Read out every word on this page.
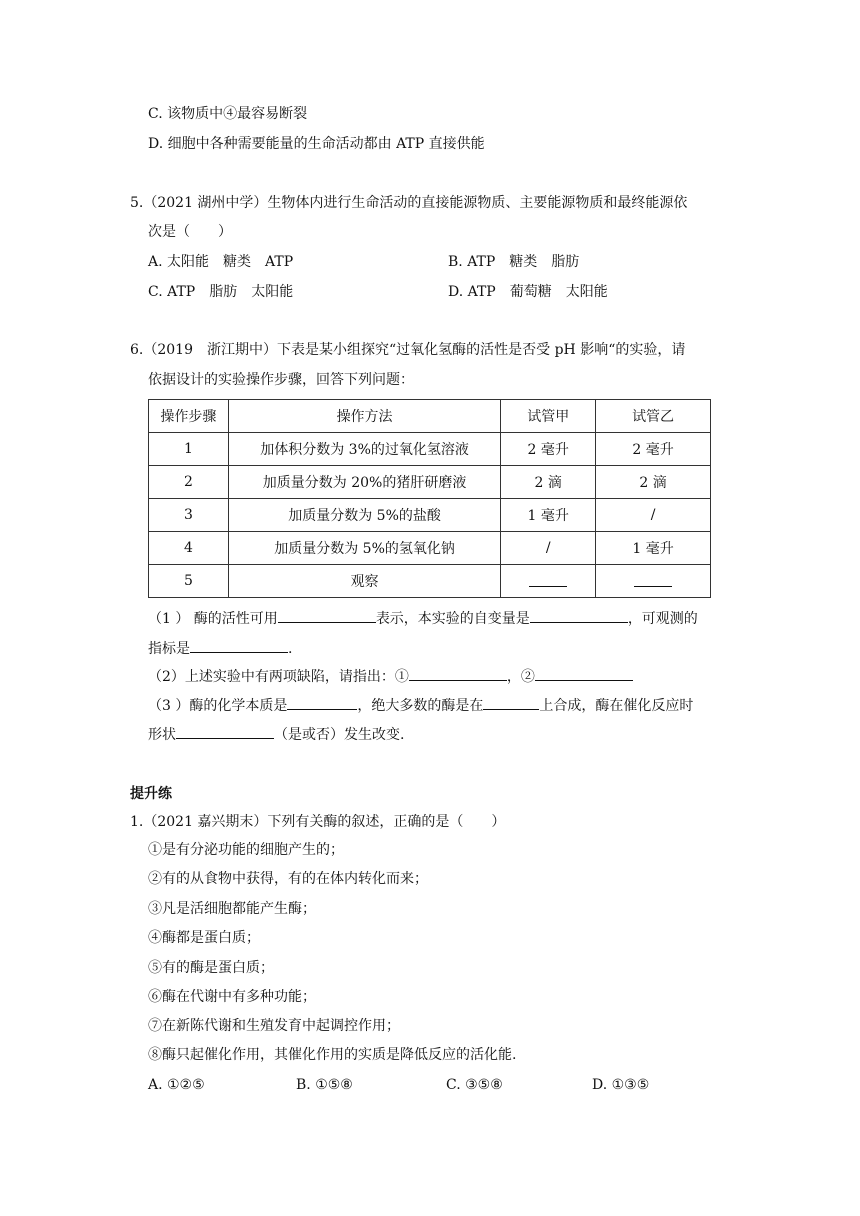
C. 该物质中④最容易断裂
D. 细胞中各种需要能量的生命活动都由 ATP 直接供能
5.（2021 湖州中学）生物体内进行生命活动的直接能源物质、主要能源物质和最终能源依
次是（　　）
A. 太阳能　糖类　ATP	B. ATP　糖类　脂肪
C. ATP　脂肪　太阳能	D. ATP　葡萄糖　太阳能
6.（2019　浙江期中）下表是某小组探究“过氧化氢酶的活性是否受 pH 影响“的实验，请
依据设计的实验操作步骤，回答下列问题：
操作步骤	操作方法	试管甲	试管乙
1	加体积分数为 3%的过氧化氢溶液	2 毫升	2 毫升
2	加质量分数为 20%的猪肝研磨液	2 滴	2 滴
3	加质量分数为 5%的盐酸	1 毫升	/
4	加质量分数为 5%的氢氧化钠	/	1 毫升
5	观察		
（1 ） 酶的活性可用	表示，本实验的自变量是	，可观测的
指标是	.
（2）上述实验中有两项缺陷，请指出：①	，②
（3 ）酶的化学本质是	，绝大多数的酶是在	上合成，酶在催化反应时
形状	（是或否）发生改变.
提升练
1.（2021 嘉兴期末）下列有关酶的叙述，正确的是（　　）
①是有分泌功能的细胞产生的；
②有的从食物中获得，有的在体内转化而来；
③凡是活细胞都能产生酶；
④酶都是蛋白质；
⑤有的酶是蛋白质；
⑥酶在代谢中有多种功能；
⑦在新陈代谢和生殖发育中起调控作用；
⑧酶只起催化作用，其催化作用的实质是降低反应的活化能.
A. ①②⑤	B. ①⑤⑧	C. ③⑤⑧	D. ①③⑤
